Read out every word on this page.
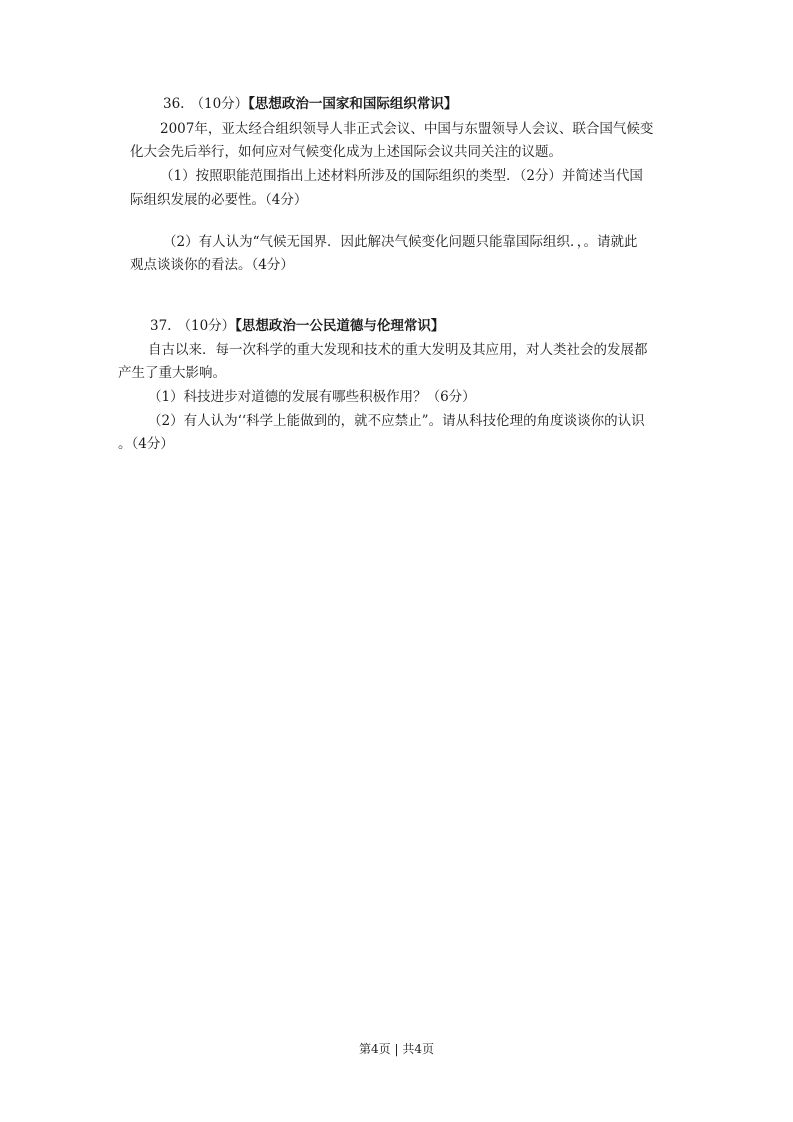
36. （10分）【思想政治一国家和国际组织常识】
2007年，亚太经合组织领导人非正式会议、中国与东盟领导人会议、联合国气候变
化大会先后举行，如何应对气候变化成为上述国际会议共同关注的议题。
（1）按照职能范围指出上述材料所涉及的国际组织的类型．（2分）并简述当代国
际组织发展的必要性。（4分）
（2）有人认为“气候无国界．因此解决气候变化问题只能靠国际组织．，。请就此
观点谈谈你的看法。（4分）
37. （10分）【思想政治一公民道德与伦理常识】
自古以来．每一次科学的重大发现和技术的重大发明及其应用，对人类社会的发展都
产生了重大影响。
（1）科技进步对道德的发展有哪些积极作用？（6分）
（2）有人认为‘‘科学上能做到的，就不应禁止”。请从科技伦理的角度谈谈你的认识
。（4分）
第4页 | 共4页
